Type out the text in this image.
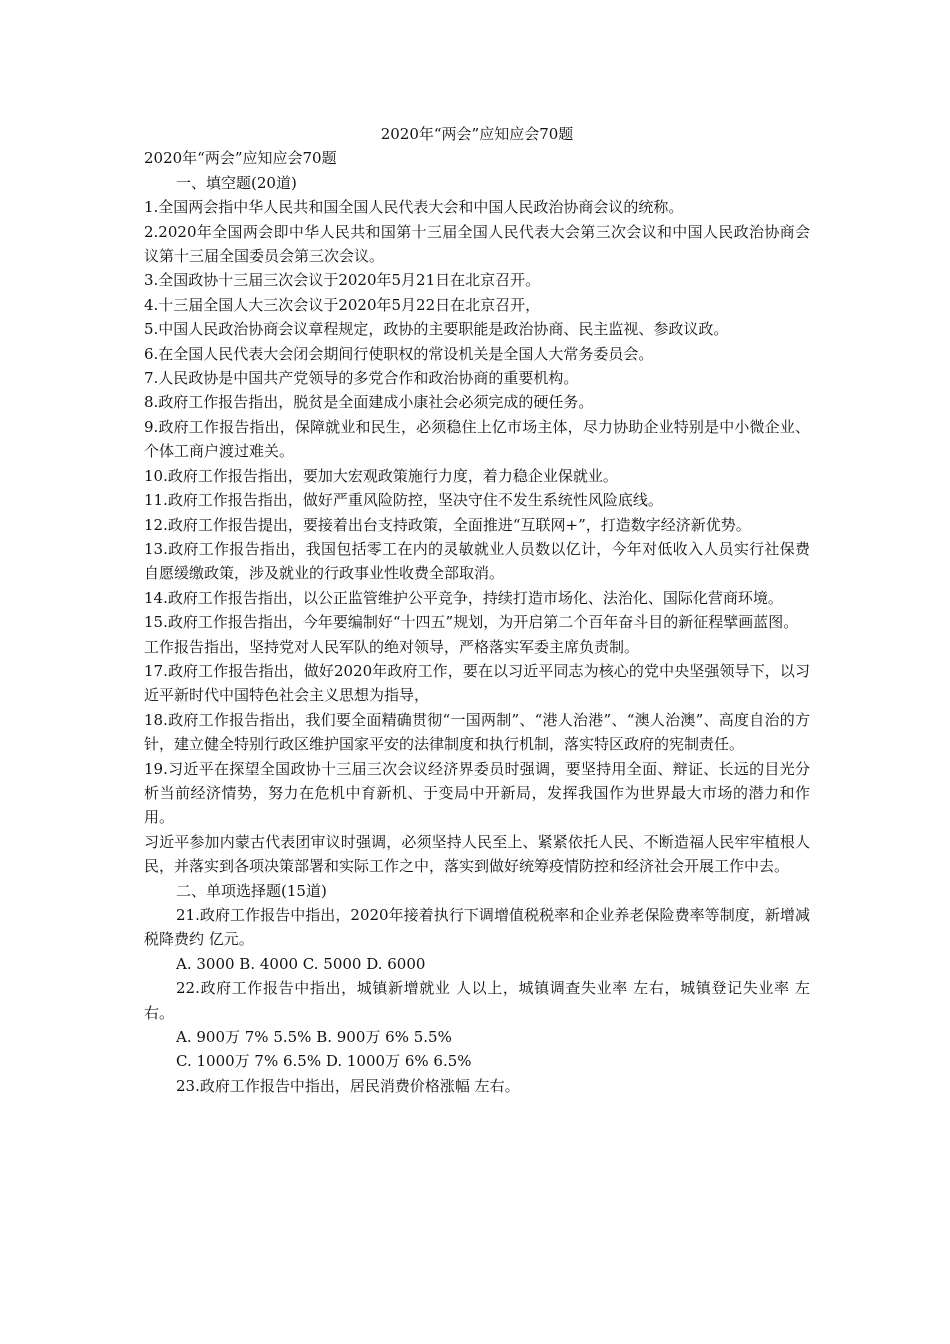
2020年“两会”应知应会70题

2020年“两会”应知应会70题

一、填空题(20道)

1.全国两会指中华人民共和国全国人民代表大会和中国人民政治协商会议的统称。

2.2020年全国两会即中华人民共和国第十三届全国人民代表大会第三次会议和中国人民政治协商会议第十三届全国委员会第三次会议。

3.全国政协十三届三次会议于2020年5月21日在北京召开。

4.十三届全国人大三次会议于2020年5月22日在北京召开，

5.中国人民政治协商会议章程规定，政协的主要职能是政治协商、民主监视、参政议政。

6.在全国人民代表大会闭会期间行使职权的常设机关是全国人大常务委员会。

7.人民政协是中国共产党领导的多党合作和政治协商的重要机构。

8.政府工作报告指出，脱贫是全面建成小康社会必须完成的硬任务。

9.政府工作报告指出，保障就业和民生，必须稳住上亿市场主体，尽力协助企业特别是中小微企业、个体工商户渡过难关。

10.政府工作报告指出，要加大宏观政策施行力度，着力稳企业保就业。

11.政府工作报告指出，做好严重风险防控，坚决守住不发生系统性风险底线。

12.政府工作报告提出，要接着出台支持政策，全面推进“互联网+”，打造数字经济新优势。

13.政府工作报告指出，我国包括零工在内的灵敏就业人员数以亿计，今年对低收入人员实行社保费自愿缓缴政策，涉及就业的行政事业性收费全部取消。

14.政府工作报告指出，以公正监管维护公平竞争，持续打造市场化、法治化、国际化营商环境。

15.政府工作报告指出，今年要编制好“十四五”规划，为开启第二个百年奋斗目的新征程擘画蓝图。

工作报告指出，坚持党对人民军队的绝对领导，严格落实军委主席负责制。

17.政府工作报告指出，做好2020年政府工作，要在以习近平同志为核心的党中央坚强领导下，以习近平新时代中国特色社会主义思想为指导，

18.政府工作报告指出，我们要全面精确贯彻“一国两制”、“港人治港”、“澳人治澳”、高度自治的方针，建立健全特别行政区维护国家平安的法律制度和执行机制，落实特区政府的宪制责任。

19.习近平在探望全国政协十三届三次会议经济界委员时强调，要坚持用全面、辩证、长远的目光分析当前经济情势，努力在危机中育新机、于变局中开新局，发挥我国作为世界最大市场的潜力和作用。

习近平参加内蒙古代表团审议时强调，必须坚持人民至上、紧紧依托人民、不断造福人民牢牢植根人民，并落实到各项决策部署和实际工作之中，落实到做好统筹疫情防控和经济社会开展工作中去。

二、单项选择题(15道)

21.政府工作报告中指出，2020年接着执行下调增值税税率和企业养老保险费率等制度，新增减税降费约 亿元。

A. 3000 B. 4000 C. 5000 D. 6000

22.政府工作报告中指出，城镇新增就业 人以上，城镇调查失业率 左右，城镇登记失业率 左右。

A. 900万 7% 5.5% B. 900万 6% 5.5%

C. 1000万 7% 6.5% D. 1000万 6% 6.5%

23.政府工作报告中指出，居民消费价格涨幅 左右。
